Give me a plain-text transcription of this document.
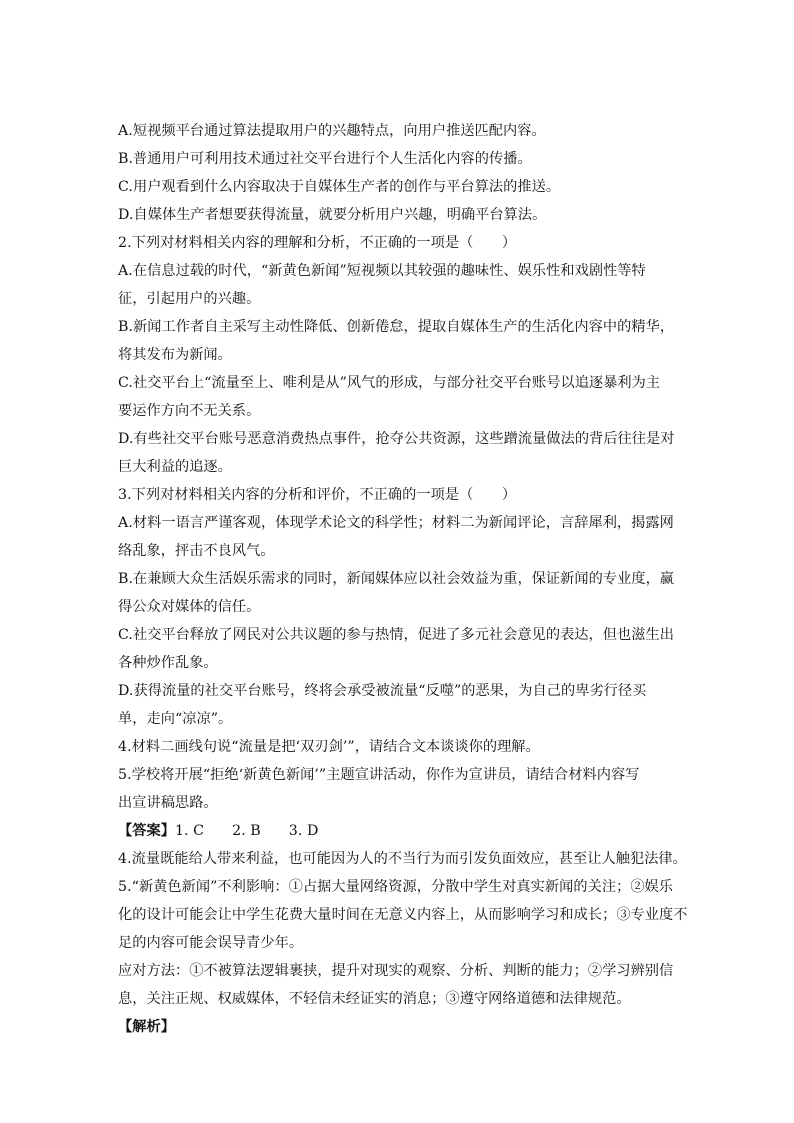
A.短视频平台通过算法提取用户的兴趣特点，向用户推送匹配内容。
B.普通用户可利用技术通过社交平台进行个人生活化内容的传播。
C.用户观看到什么内容取决于自媒体生产者的创作与平台算法的推送。
D.自媒体生产者想要获得流量，就要分析用户兴趣，明确平台算法。
2.下列对材料相关内容的理解和分析，不正确的一项是（　　）
A.在信息过载的时代，“新黄色新闻”短视频以其较强的趣味性、娱乐性和戏剧性等特
征，引起用户的兴趣。
B.新闻工作者自主采写主动性降低、创新倦怠，提取自媒体生产的生活化内容中的精华，
将其发布为新闻。
C.社交平台上“流量至上、唯利是从”风气的形成，与部分社交平台账号以追逐暴利为主
要运作方向不无关系。
D.有些社交平台账号恶意消费热点事件，抢夺公共资源，这些蹭流量做法的背后往往是对
巨大利益的追逐。
3.下列对材料相关内容的分析和评价，不正确的一项是（　　）
A.材料一语言严谨客观，体现学术论文的科学性；材料二为新闻评论，言辞犀利，揭露网
络乱象，抨击不良风气。
B.在兼顾大众生活娱乐需求的同时，新闻媒体应以社会效益为重，保证新闻的专业度，赢
得公众对媒体的信任。
C.社交平台释放了网民对公共议题的参与热情，促进了多元社会意见的表达，但也滋生出
各种炒作乱象。
D.获得流量的社交平台账号，终将会承受被流量“反噬”的恶果，为自己的卑劣行径买
单，走向“凉凉”。
4.材料二画线句说“流量是把‘双刃剑’”，请结合文本谈谈你的理解。
5.学校将开展“拒绝‘新黄色新闻’”主题宣讲活动，你作为宣讲员，请结合材料内容写
出宣讲稿思路。
【答案】1. C 2. B 3. D
4.流量既能给人带来利益，也可能因为人的不当行为而引发负面效应，甚至让人触犯法律。
5.“新黄色新闻”不利影响：①占据大量网络资源，分散中学生对真实新闻的关注；②娱乐
化的设计可能会让中学生花费大量时间在无意义内容上，从而影响学习和成长；③专业度不
足的内容可能会误导青少年。
应对方法：①不被算法逻辑裹挟，提升对现实的观察、分析、判断的能力；②学习辨别信
息，关注正规、权威媒体，不轻信未经证实的消息；③遵守网络道德和法律规范。
【解析】
